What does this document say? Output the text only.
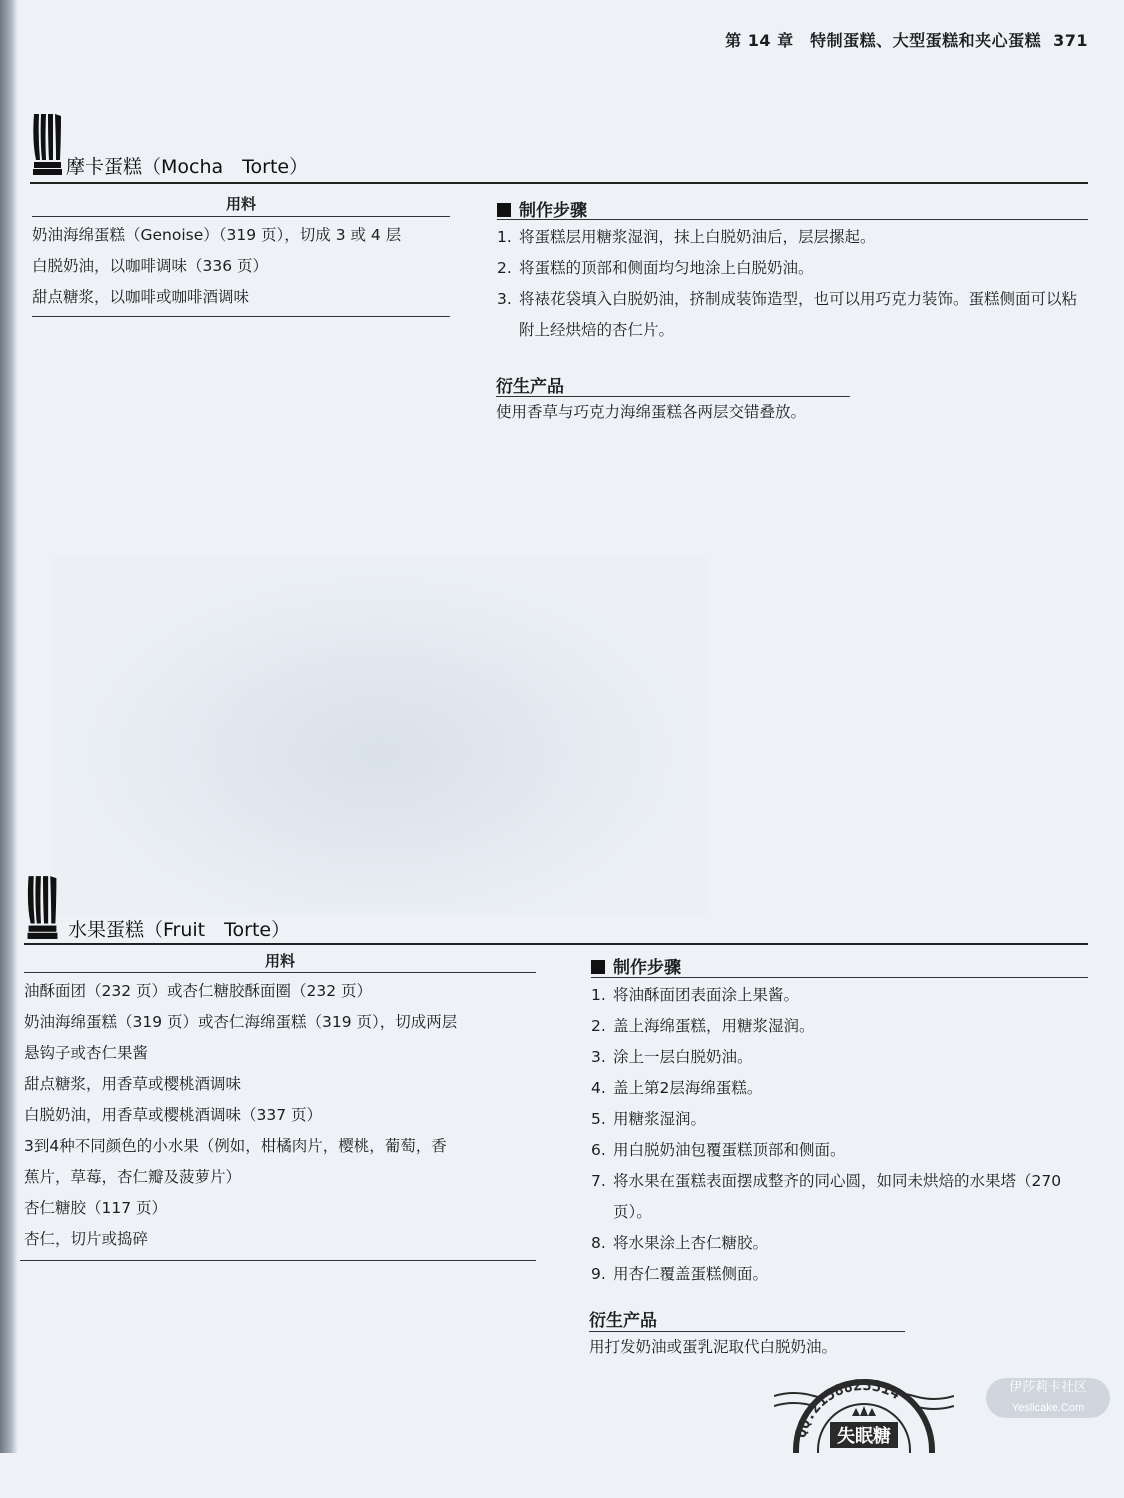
第 14 章　特制蛋糕、大型蛋糕和夹心蛋糕 371
摩卡蛋糕（Mocha　Torte）
用料
奶油海绵蛋糕（Genoise）（319 页），切成 3 或 4 层
白脱奶油，以咖啡调味（336 页）
甜点糖浆，以咖啡或咖啡酒调味
制作步骤
1. 将蛋糕层用糖浆湿润，抹上白脱奶油后，层层摞起。
2. 将蛋糕的顶部和侧面均匀地涂上白脱奶油。
3. 将裱花袋填入白脱奶油，挤制成装饰造型，也可以用巧克力装饰。蛋糕侧面可以粘附上经烘焙的杏仁片。
衍生产品
使用香草与巧克力海绵蛋糕各两层交错叠放。
水果蛋糕（Fruit　Torte）
用料
油酥面团（232 页）或杏仁糖胶酥面圈（232 页）
奶油海绵蛋糕（319 页）或杏仁海绵蛋糕（319 页），切成两层
悬钩子或杏仁果酱
甜点糖浆，用香草或樱桃酒调味
白脱奶油，用香草或樱桃酒调味（337 页）
3到4种不同颜色的小水果（例如，柑橘肉片，樱桃，葡萄，香
蕉片，草莓，杏仁瓣及菠萝片）
杏仁糖胶（117 页）
杏仁，切片或捣碎
制作步骤
1. 将油酥面团表面涂上果酱。
2. 盖上海绵蛋糕，用糖浆湿润。
3. 涂上一层白脱奶油。
4. 盖上第2层海绵蛋糕。
5. 用糖浆湿润。
6. 用白脱奶油包覆蛋糕顶部和侧面。
7. 将水果在蛋糕表面摆成整齐的同心圆，如同未烘焙的水果塔（270页）。
8. 将水果涂上杏仁糖胶。
9. 用杏仁覆盖蛋糕侧面。
衍生产品
用打发奶油或蛋乳泥取代白脱奶油。
QQ:2158823314
失眠糖
伊莎莉卡社区
Yeslicake.Com
